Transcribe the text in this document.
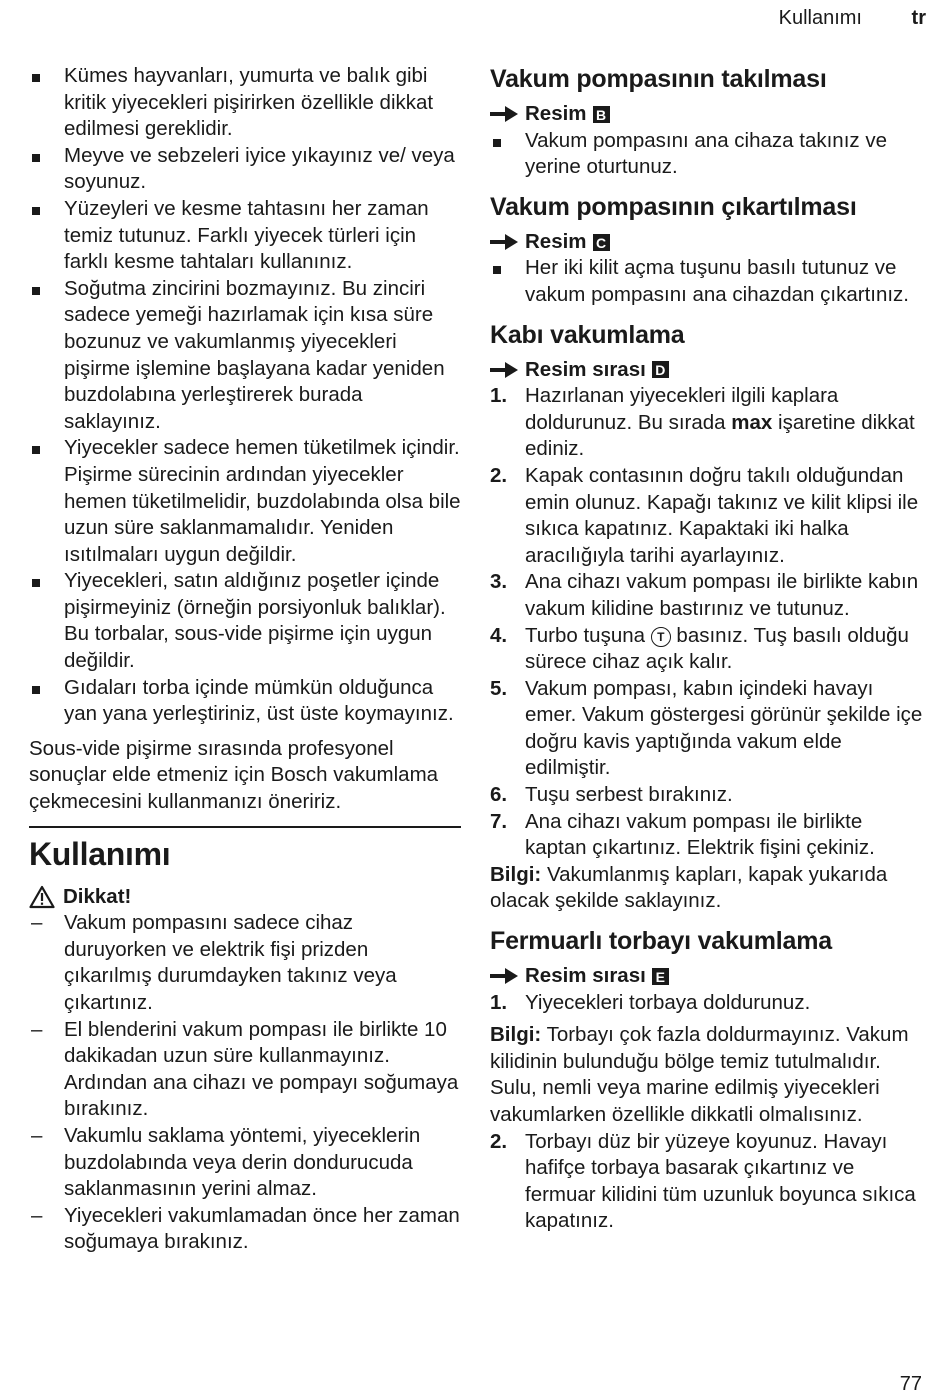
Kullanımı tr
Kümes hayvanları, yumurta ve balık gibi kritik yiyecekleri pişirirken özellikle dikkat edilmesi gereklidir.
Meyve ve sebzeleri iyice yıkayınız ve/ veya soyunuz.
Yüzeyleri ve kesme tahtasını her zaman temiz tutunuz. Farklı yiyecek türleri için farklı kesme tahtaları kullanınız.
Soğutma zincirini bozmayınız. Bu zinciri sadece yemeği hazırlamak için kısa süre bozunuz ve vakumlanmış yiyecekleri pişirme işlemine başlayana kadar yeniden buzdolabına yerleştirerek burada saklayınız.
Yiyecekler sadece hemen tüketilmek içindir. Pişirme sürecinin ardından yiyecekler hemen tüketilmelidir, buzdolabında olsa bile uzun süre saklanmamalıdır. Yeniden ısıtılmaları uygun değildir.
Yiyecekleri, satın aldığınız poşetler içinde pişirmeyiniz (örneğin porsiyonluk balıklar). Bu torbalar, sous-vide pişirme için uygun değildir.
Gıdaları torba içinde mümkün olduğunca yan yana yerleştiriniz, üst üste koymayınız.

Sous-vide pişirme sırasında profesyonel sonuçlar elde etmeniz için Bosch vakumlama çekmecesini kullanmanızı öneririz.

Kullanımı
Dikkat!
– Vakum pompasını sadece cihaz duruyorken ve elektrik fişi prizden çıkarılmış durumdayken takınız veya çıkartınız.
– El blenderini vakum pompası ile birlikte 10 dakikadan uzun süre kullanmayınız. Ardından ana cihazı ve pompayı soğumaya bırakınız.
– Vakumlu saklama yöntemi, yiyeceklerin buzdolabında veya derin dondurucuda saklanmasının yerini almaz.
– Yiyecekleri vakumlamadan önce her zaman soğumaya bırakınız.
Vakum pompasının takılması
Resim B
Vakum pompasını ana cihaza takınız ve yerine oturtunuz.
Vakum pompasının çıkartılması
Resim C
Her iki kilit açma tuşunu basılı tutunuz ve vakum pompasını ana cihazdan çıkartınız.
Kabı vakumlama
Resim sırası D
1. Hazırlanan yiyecekleri ilgili kaplara doldurunuz. Bu sırada max işaretine dikkat ediniz.
2. Kapak contasının doğru takılı olduğundan emin olunuz. Kapağı takınız ve kilit klipsi ile sıkıca kapatınız. Kapaktaki iki halka aracılığıyla tarihi ayarlayınız.
3. Ana cihazı vakum pompası ile birlikte kabın vakum kilidine bastırınız ve tutunuz.
4. Turbo tuşuna T basınız. Tuş basılı olduğu sürece cihaz açık kalır.
5. Vakum pompası, kabın içindeki havayı emer. Vakum göstergesi görünür şekilde içe doğru kavis yaptığında vakum elde edilmiştir.
6. Tuşu serbest bırakınız.
7. Ana cihazı vakum pompası ile birlikte kaptan çıkartınız. Elektrik fişini çekiniz.

Bilgi: Vakumlanmış kapları, kapak yukarıda olacak şekilde saklayınız.

Fermuarlı torbayı vakumlama
Resim sırası E
1. Yiyecekleri torbaya doldurunuz.

Bilgi: Torbayı çok fazla doldurmayınız. Vakum kilidinin bulunduğu bölge temiz tutulmalıdır. Sulu, nemli veya marine edilmiş yiyecekleri vakumlarken özellikle dikkatli olmalısınız.

2. Torbayı düz bir yüzeye koyunuz. Havayı hafifçe torbaya basarak çıkartınız ve fermuar kilidini tüm uzunluk boyunca sıkıca kapatınız.
77
